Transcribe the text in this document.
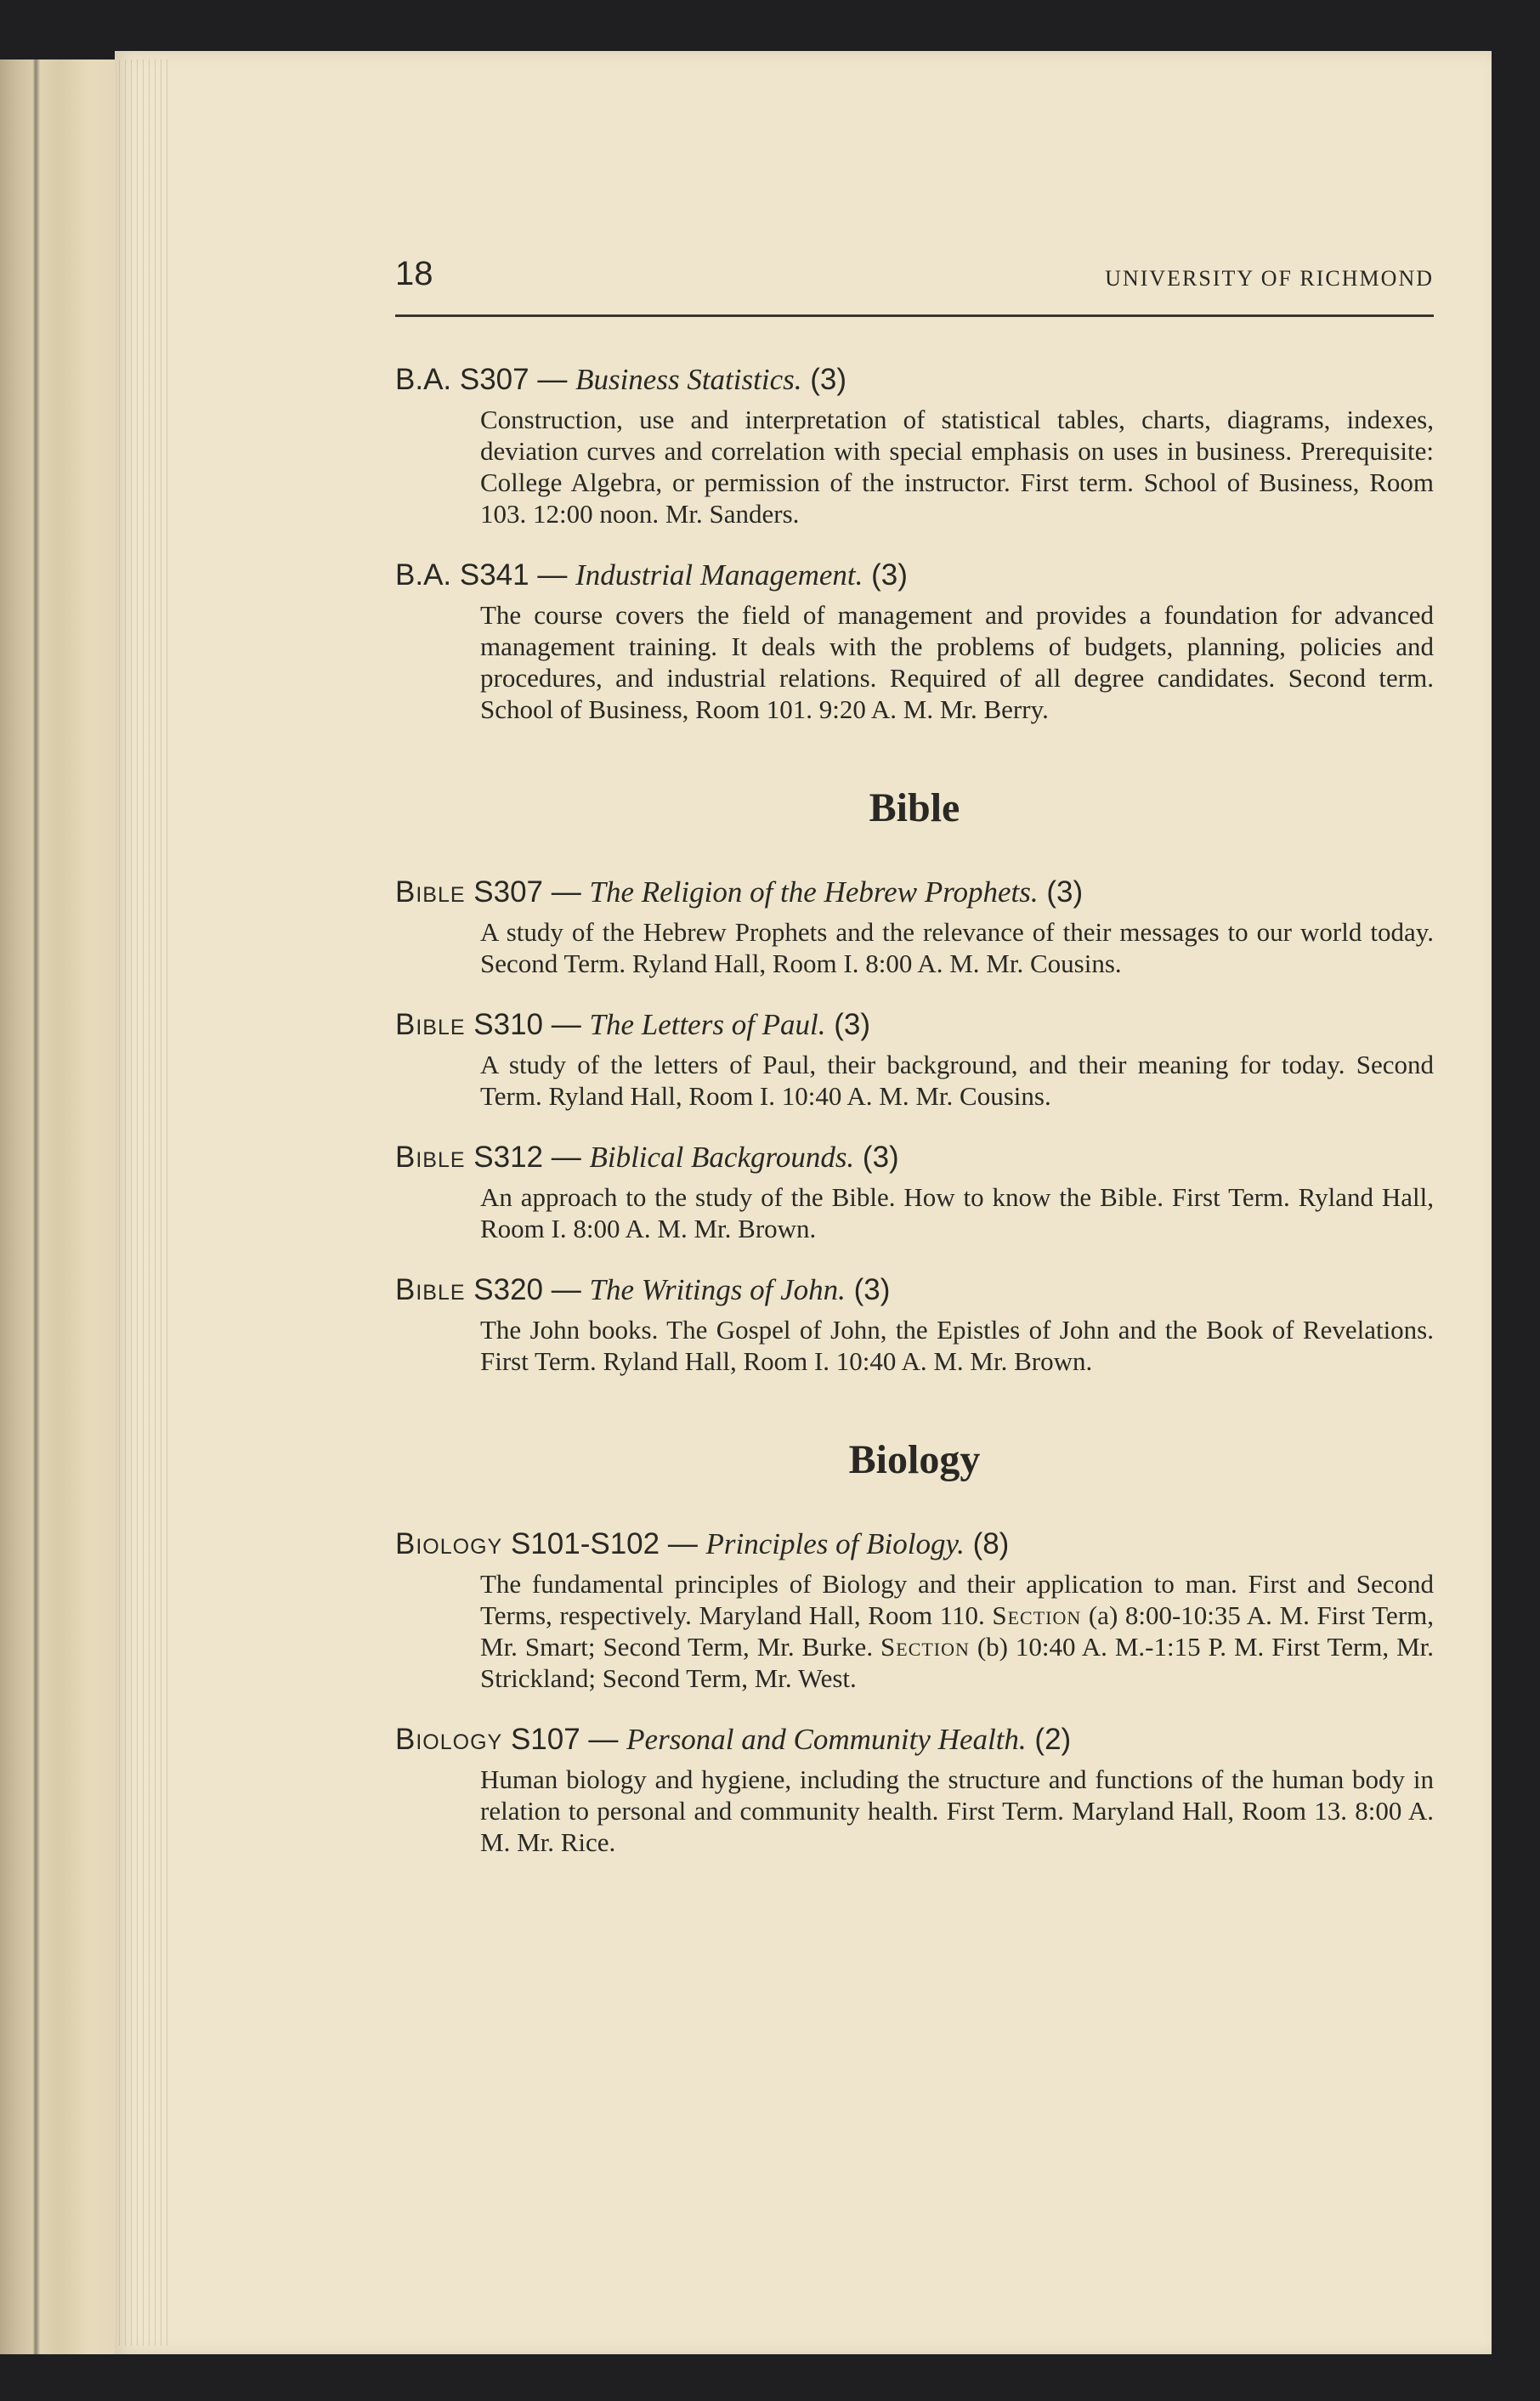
18	UNIVERSITY OF RICHMOND
B.A. S307 — Business Statistics. (3)
Construction, use and interpretation of statistical tables, charts, diagrams, indexes, deviation curves and correlation with special emphasis on uses in business. Prerequisite: College Algebra, or permission of the instructor. First term. School of Business, Room 103. 12:00 noon. Mr. Sanders.
B.A. S341 — Industrial Management. (3)
The course covers the field of management and provides a foundation for advanced management training. It deals with the problems of budgets, planning, policies and procedures, and industrial relations. Required of all degree candidates. Second term. School of Business, Room 101. 9:20 A. M. Mr. Berry.
Bible
Bible S307 — The Religion of the Hebrew Prophets. (3)
A study of the Hebrew Prophets and the relevance of their messages to our world today. Second Term. Ryland Hall, Room I. 8:00 A. M. Mr. Cousins.
Bible S310 — The Letters of Paul. (3)
A study of the letters of Paul, their background, and their meaning for today. Second Term. Ryland Hall, Room I. 10:40 A. M. Mr. Cousins.
Bible S312 — Biblical Backgrounds. (3)
An approach to the study of the Bible. How to know the Bible. First Term. Ryland Hall, Room I. 8:00 A. M. Mr. Brown.
Bible S320 — The Writings of John. (3)
The John books. The Gospel of John, the Epistles of John and the Book of Revelations. First Term. Ryland Hall, Room I. 10:40 A. M. Mr. Brown.
Biology
Biology S101-S102 — Principles of Biology. (8)
The fundamental principles of Biology and their application to man. First and Second Terms, respectively. Maryland Hall, Room 110. Section (a) 8:00-10:35 A. M. First Term, Mr. Smart; Second Term, Mr. Burke. Section (b) 10:40 A. M.-1:15 P. M. First Term, Mr. Strickland; Second Term, Mr. West.
Biology S107 — Personal and Community Health. (2)
Human biology and hygiene, including the structure and functions of the human body in relation to personal and community health. First Term. Maryland Hall, Room 13. 8:00 A. M. Mr. Rice.
